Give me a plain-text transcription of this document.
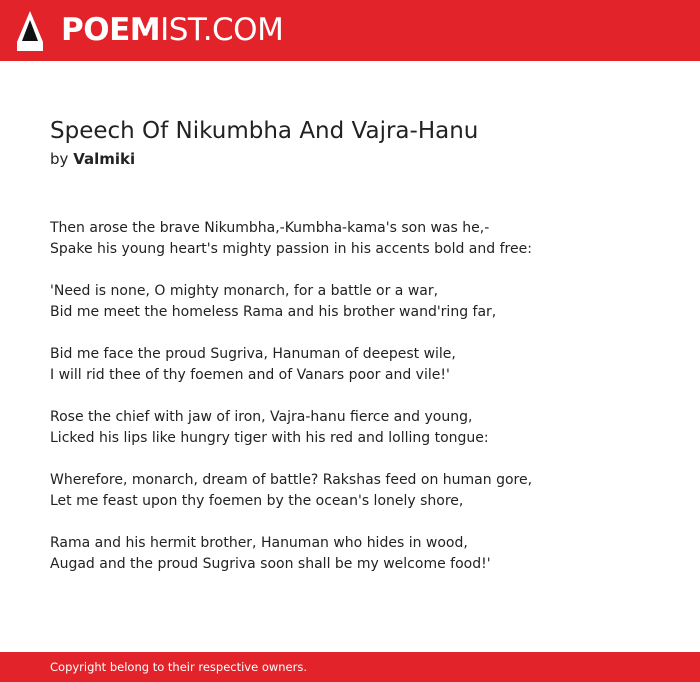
POEMIST.COM
Speech Of Nikumbha And Vajra-Hanu
by Valmiki
Then arose the brave Nikumbha,-Kumbha-kama's son was he,-
Spake his young heart's mighty passion in his accents bold and free:
'Need is none, O mighty monarch, for a battle or a war,
Bid me meet the homeless Rama and his brother wand'ring far,
Bid me face the proud Sugriva, Hanuman of deepest wile,
I will rid thee of thy foemen and of Vanars poor and vile!'
Rose the chief with jaw of iron, Vajra-hanu fierce and young,
Licked his lips like hungry tiger with his red and lolling tongue:
Wherefore, monarch, dream of battle? Rakshas feed on human gore,
Let me feast upon thy foemen by the ocean's lonely shore,
Rama and his hermit brother, Hanuman who hides in wood,
Augad and the proud Sugriva soon shall be my welcome food!'
Copyright belong to their respective owners.
